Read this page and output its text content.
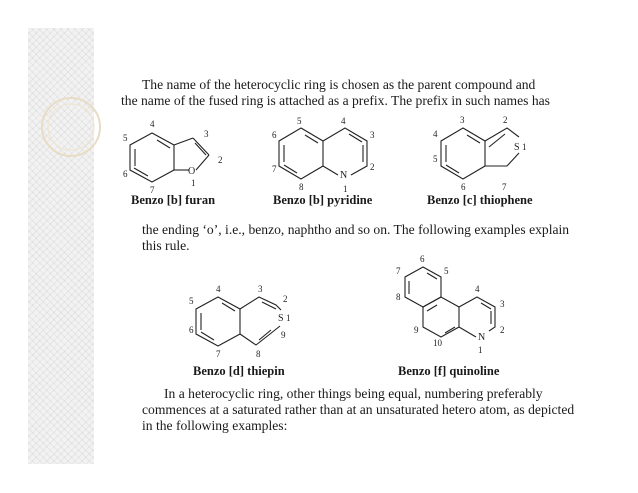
The name of the heterocyclic ring is chosen as the parent compound and

the name of the fused ring is attached as a prefix. The prefix in such names has

O
4
5
6
7
3
2
1
N
5	4
6	3
7	2
8	1
S 1
3	2
4
5
6	7
S 1
4	3
2
5
6	9
7	8
N
6
7	5
8
4
3
9	2
10
1
Benzo [b] furan	Benzo [b] pyridine	Benzo [c] thiophene

the ending ‘o’, i.e., benzo, naphtho and so on. The following examples explain

this rule.

Benzo [d] thiepin	Benzo [f] quinoline

In a heterocyclic ring, other things being equal, numbering preferably

commences at a saturated rather than at an unsaturated hetero atom, as depicted

in the following examples:
